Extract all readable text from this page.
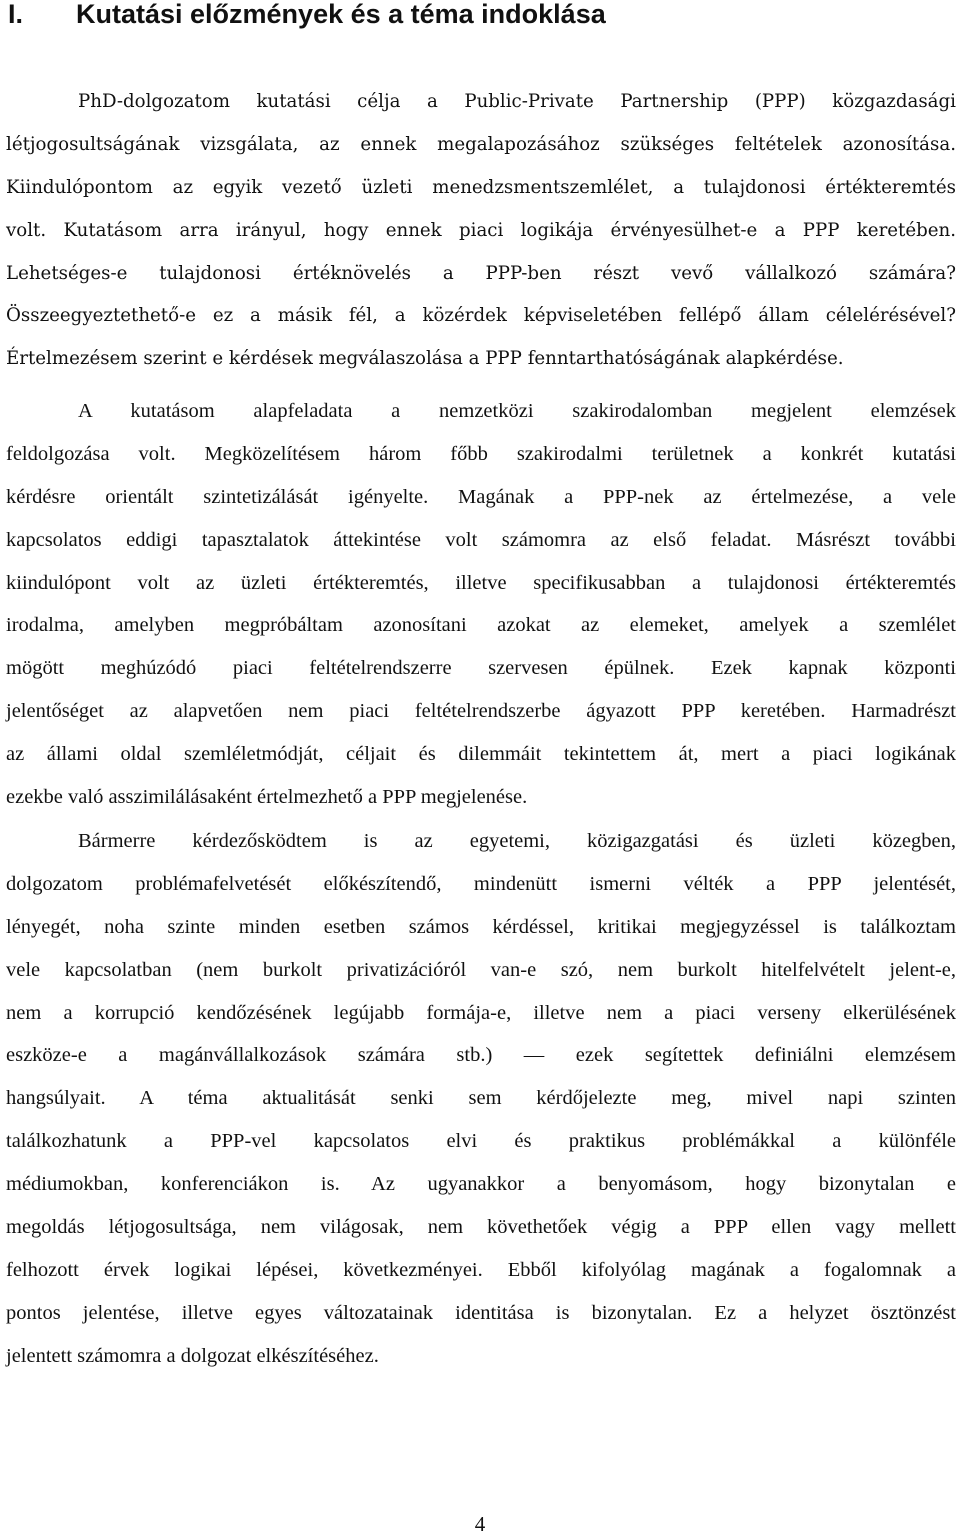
I. Kutatási előzmények és a téma indoklása
PhD-dolgozatom kutatási célja a Public-Private Partnership (PPP) közgazdasági
létjogosultságának vizsgálata, az ennek megalapozásához szükséges feltételek azonosítása.
Kiindulópontom az egyik vezető üzleti menedzsmentszemlélet, a tulajdonosi értékteremtés
volt. Kutatásom arra irányul, hogy ennek piaci logikája érvényesülhet-e a PPP keretében.
Lehetséges-e tulajdonosi értéknövelés a PPP-ben részt vevő vállalkozó számára?
Összeegyeztethető-e ez a másik fél, a közérdek képviseletében fellépő állam célelérésével?
Értelmezésem szerint e kérdések megválaszolása a PPP fenntarthatóságának alapkérdése.
A kutatásom alapfeladata a nemzetközi szakirodalomban megjelent elemzések
feldolgozása volt. Megközelítésem három főbb szakirodalmi területnek a konkrét kutatási
kérdésre orientált szintetizálását igényelte. Magának a PPP-nek az értelmezése, a vele
kapcsolatos eddigi tapasztalatok áttekintése volt számomra az első feladat. Másrészt további
kiindulópont volt az üzleti értékteremtés, illetve specifikusabban a tulajdonosi értékteremtés
irodalma, amelyben megpróbáltam azonosítani azokat az elemeket, amelyek a szemlélet
mögött meghúzódó piaci feltételrendszerre szervesen épülnek. Ezek kapnak központi
jelentőséget az alapvetően nem piaci feltételrendszerbe ágyazott PPP keretében. Harmadrészt
az állami oldal szemléletmódját, céljait és dilemmáit tekintettem át, mert a piaci logikának
ezekbe való asszimilálásaként értelmezhető a PPP megjelenése.
Bármerre kérdezősködtem is az egyetemi, közigazgatási és üzleti közegben,
dolgozatom problémafelvetését előkészítendő, mindenütt ismerni vélték a PPP jelentését,
lényegét, noha szinte minden esetben számos kérdéssel, kritikai megjegyzéssel is találkoztam
vele kapcsolatban (nem burkolt privatizációról van-e szó, nem burkolt hitelfelvételt jelent-e,
nem a korrupció kendőzésének legújabb formája-e, illetve nem a piaci verseny elkerülésének
eszköze-e a magánvállalkozások számára stb.) — ezek segítettek definiálni elemzésem
hangsúlyait. A téma aktualitását senki sem kérdőjelezte meg, mivel napi szinten
találkozhatunk a PPP-vel kapcsolatos elvi és praktikus problémákkal a különféle
médiumokban, konferenciákon is. Az ugyanakkor a benyomásom, hogy bizonytalan e
megoldás létjogosultsága, nem világosak, nem követhetőek végig a PPP ellen vagy mellett
felhozott érvek logikai lépései, következményei. Ebből kifolyólag magának a fogalomnak a
pontos jelentése, illetve egyes változatainak identitása is bizonytalan. Ez a helyzet ösztönzést
jelentett számomra a dolgozat elkészítéséhez.
4
